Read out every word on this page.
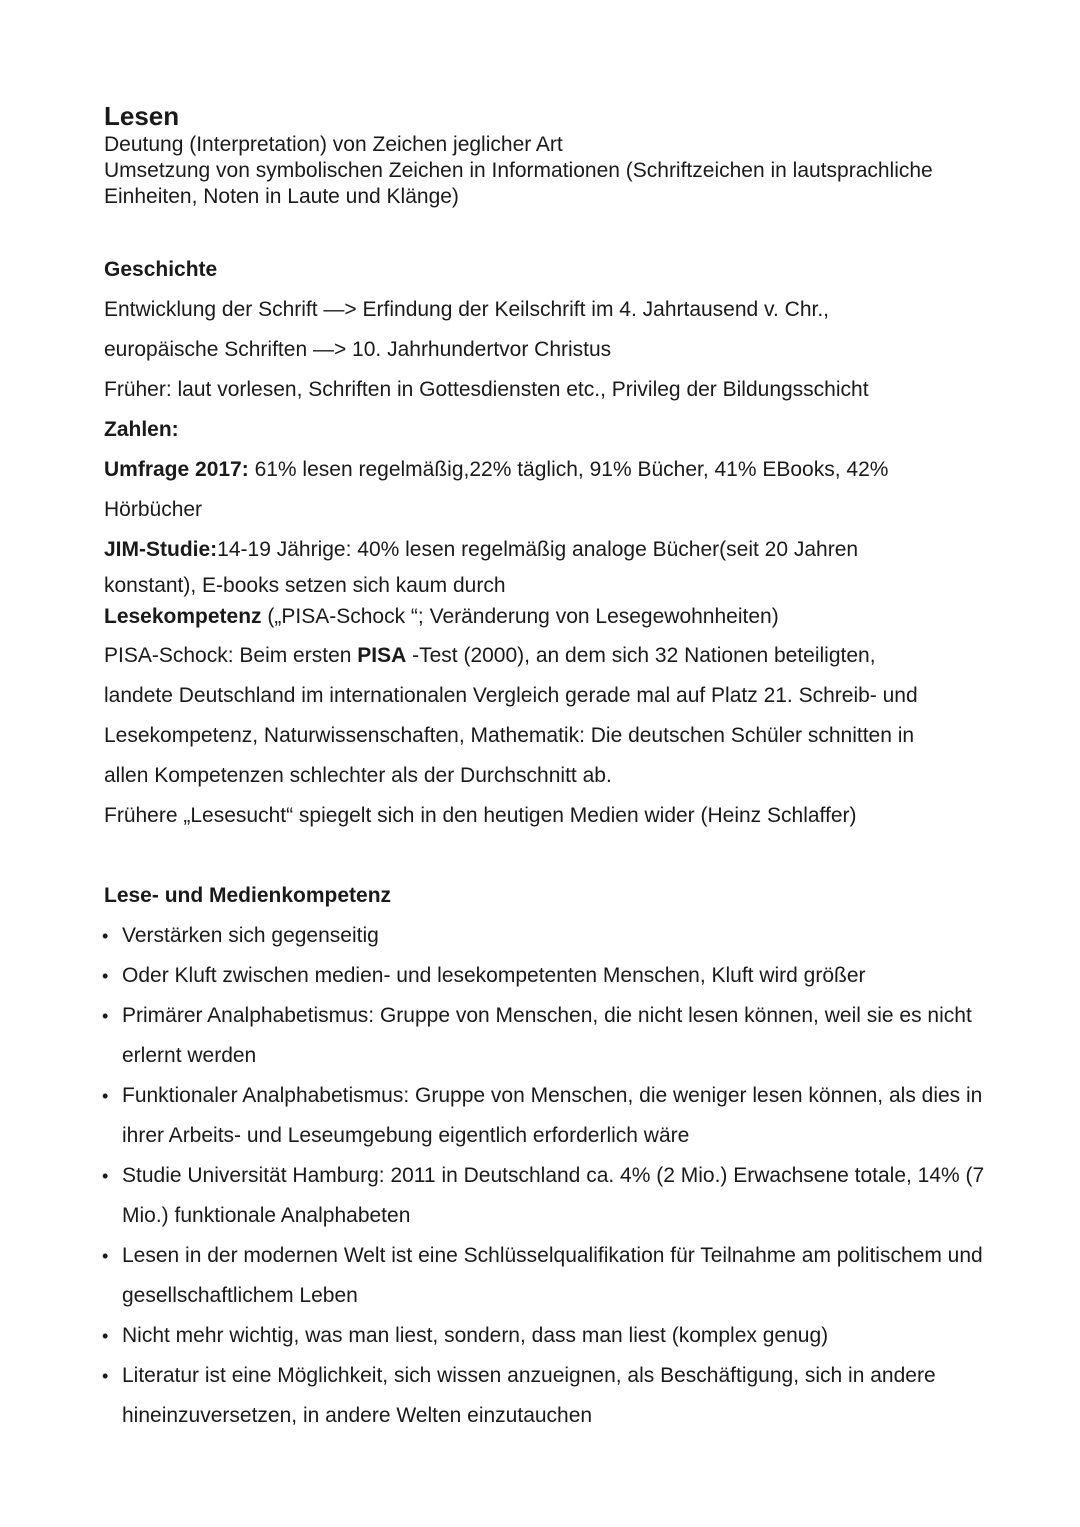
Lesen

Deutung (Interpretation) von Zeichen jeglicher Art

Umsetzung von symbolischen Zeichen in Informationen (Schriftzeichen in lautsprachliche

Einheiten, Noten in Laute und Klänge)

Geschichte

Entwicklung der Schrift —> Erfindung der Keilschrift im 4. Jahrtausend v. Chr.,

europäische Schriften —> 10. Jahrhundertvor Christus

Früher: laut vorlesen, Schriften in Gottesdiensten etc., Privileg der Bildungsschicht

Zahlen:

Umfrage 2017: 61% lesen regelmäßig,22% täglich, 91% Bücher, 41% EBooks, 42%

Hörbücher

JIM-Studie:14-19 Jährige: 40% lesen regelmäßig analoge Bücher(seit 20 Jahren

konstant), E-books setzen sich kaum durch

Lesekompetenz („PISA-Schock “; Veränderung von Lesegewohnheiten)

PISA-Schock: Beim ersten PISA -Test (2000), an dem sich 32 Nationen beteiligten,

landete Deutschland im internationalen Vergleich gerade mal auf Platz 21. Schreib- und

Lesekompetenz, Naturwissenschaften, Mathematik: Die deutschen Schüler schnitten in

allen Kompetenzen schlechter als der Durchschnitt ab.

Frühere „Lesesucht“ spiegelt sich in den heutigen Medien wider (Heinz Schlaffer)

Lese- und Medienkompetenz
• Verstärken sich gegenseitig
• Oder Kluft zwischen medien- und lesekompetenten Menschen, Kluft wird größer
• Primärer Analphabetismus: Gruppe von Menschen, die nicht lesen können, weil sie es nicht erlernt werden
• Funktionaler Analphabetismus: Gruppe von Menschen, die weniger lesen können, als dies in ihrer Arbeits- und Leseumgebung eigentlich erforderlich wäre
• Studie Universität Hamburg: 2011 in Deutschland ca. 4% (2 Mio.) Erwachsene totale, 14% (7 Mio.) funktionale Analphabeten
• Lesen in der modernen Welt ist eine Schlüsselqualifikation für Teilnahme am politischem und gesellschaftlichem Leben
• Nicht mehr wichtig, was man liest, sondern, dass man liest (komplex genug)
• Literatur ist eine Möglichkeit, sich wissen anzueignen, als Beschäftigung, sich in andere hineinzuversetzen, in andere Welten einzutauchen
